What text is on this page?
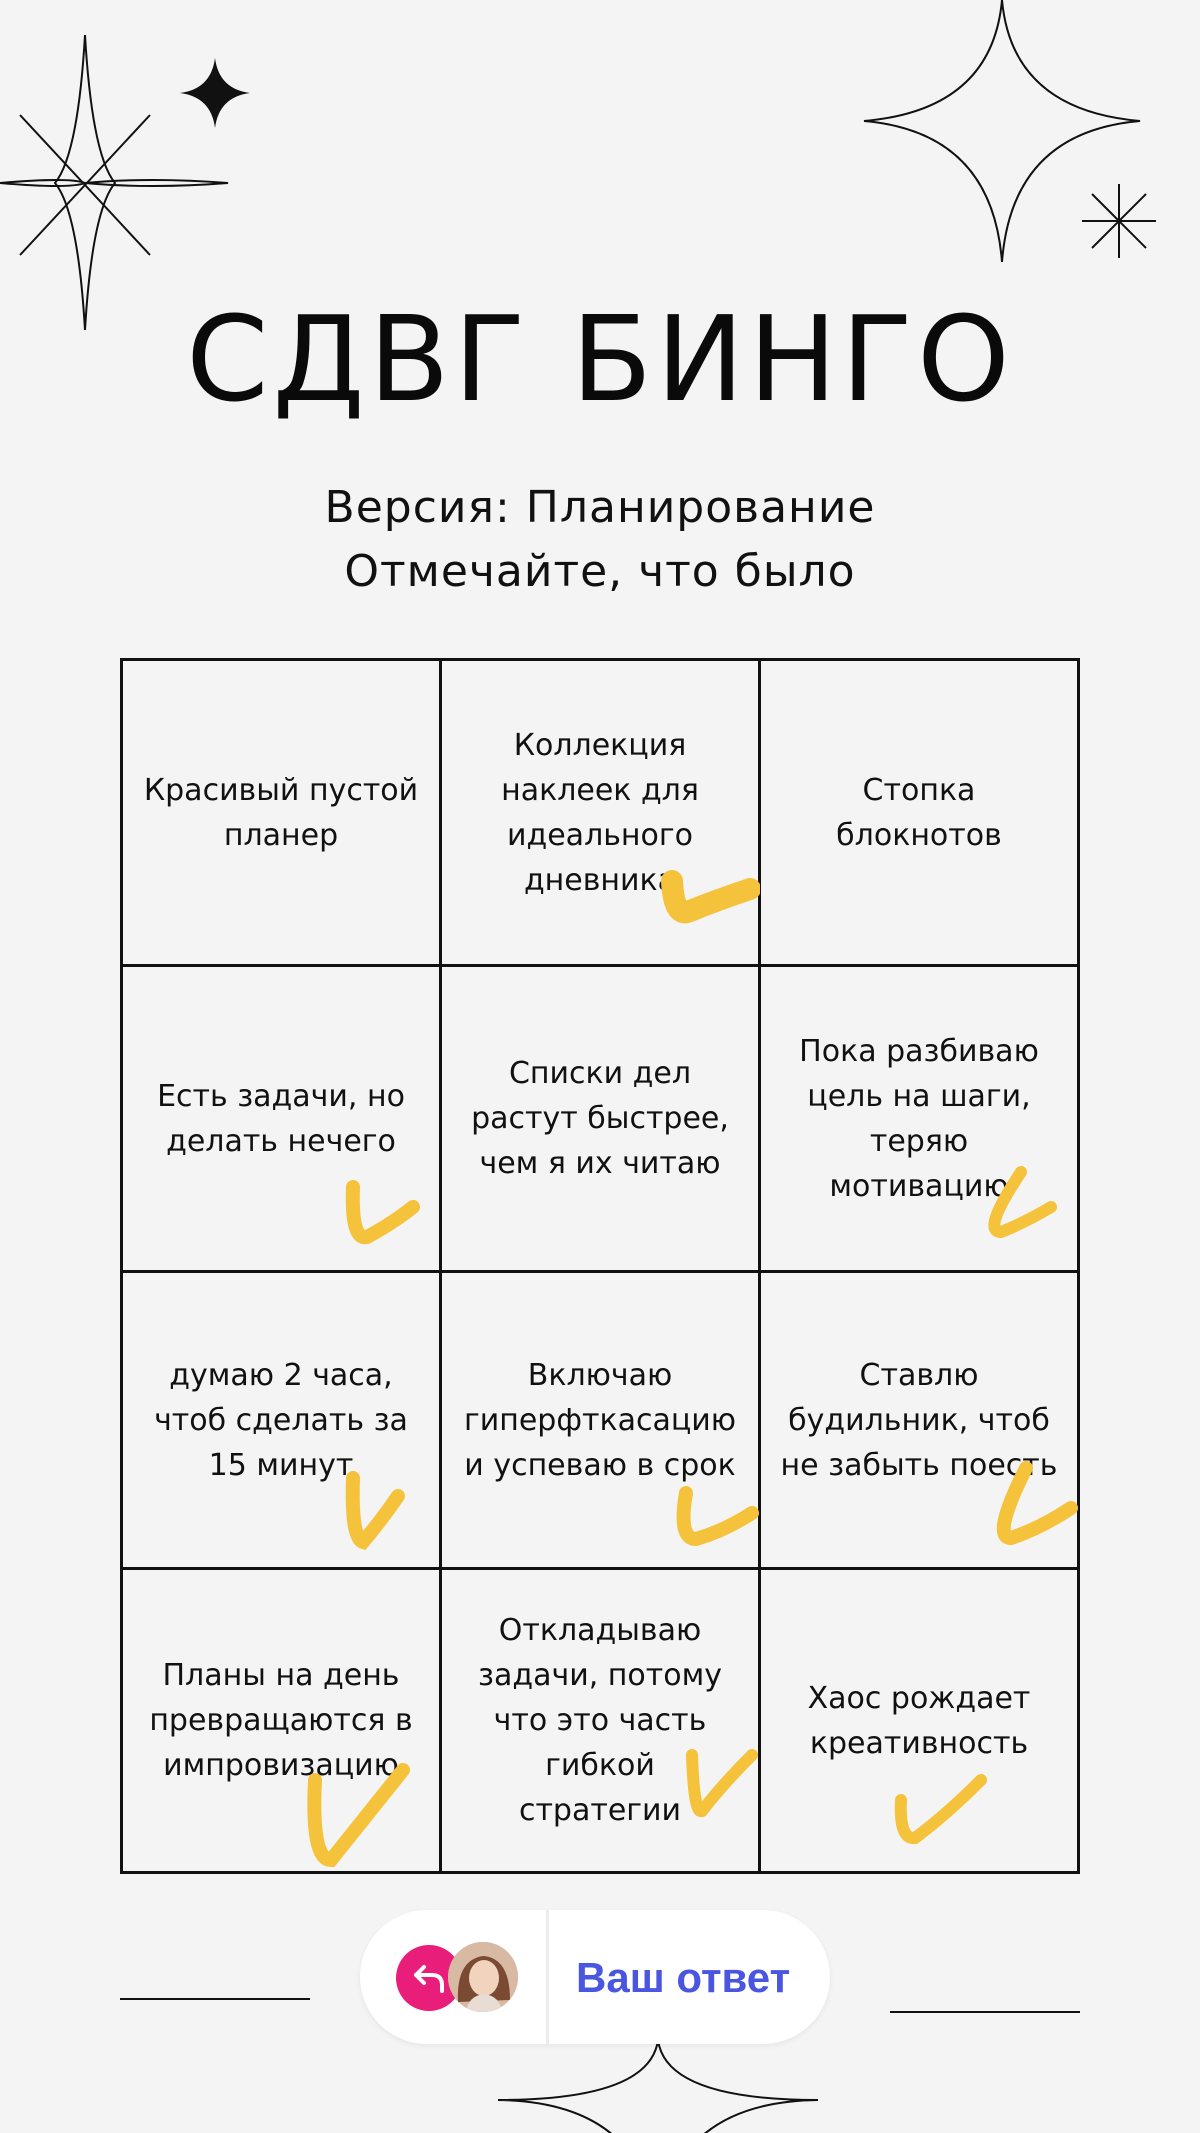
СДВГ БИНГО
Версия: Планирование
Отмечайте, что было
Красивый пустой планер
Коллекция наклеек для идеального дневника
Стопка блокнотов
Есть задачи, но делать нечего
Списки дел растут быстрее, чем я их читаю
Пока разбиваю цель на шаги, теряю мотивацию
думаю 2 часа, чтоб сделать за 15 минут
Включаю гиперфткасацию и успеваю в срок
Ставлю будильник, чтоб не забыть поесть
Планы на день превращаются в импровизацию
Откладываю задачи, потому что это часть гибкой стратегии
Хаос рождает креативность
Ваш ответ
